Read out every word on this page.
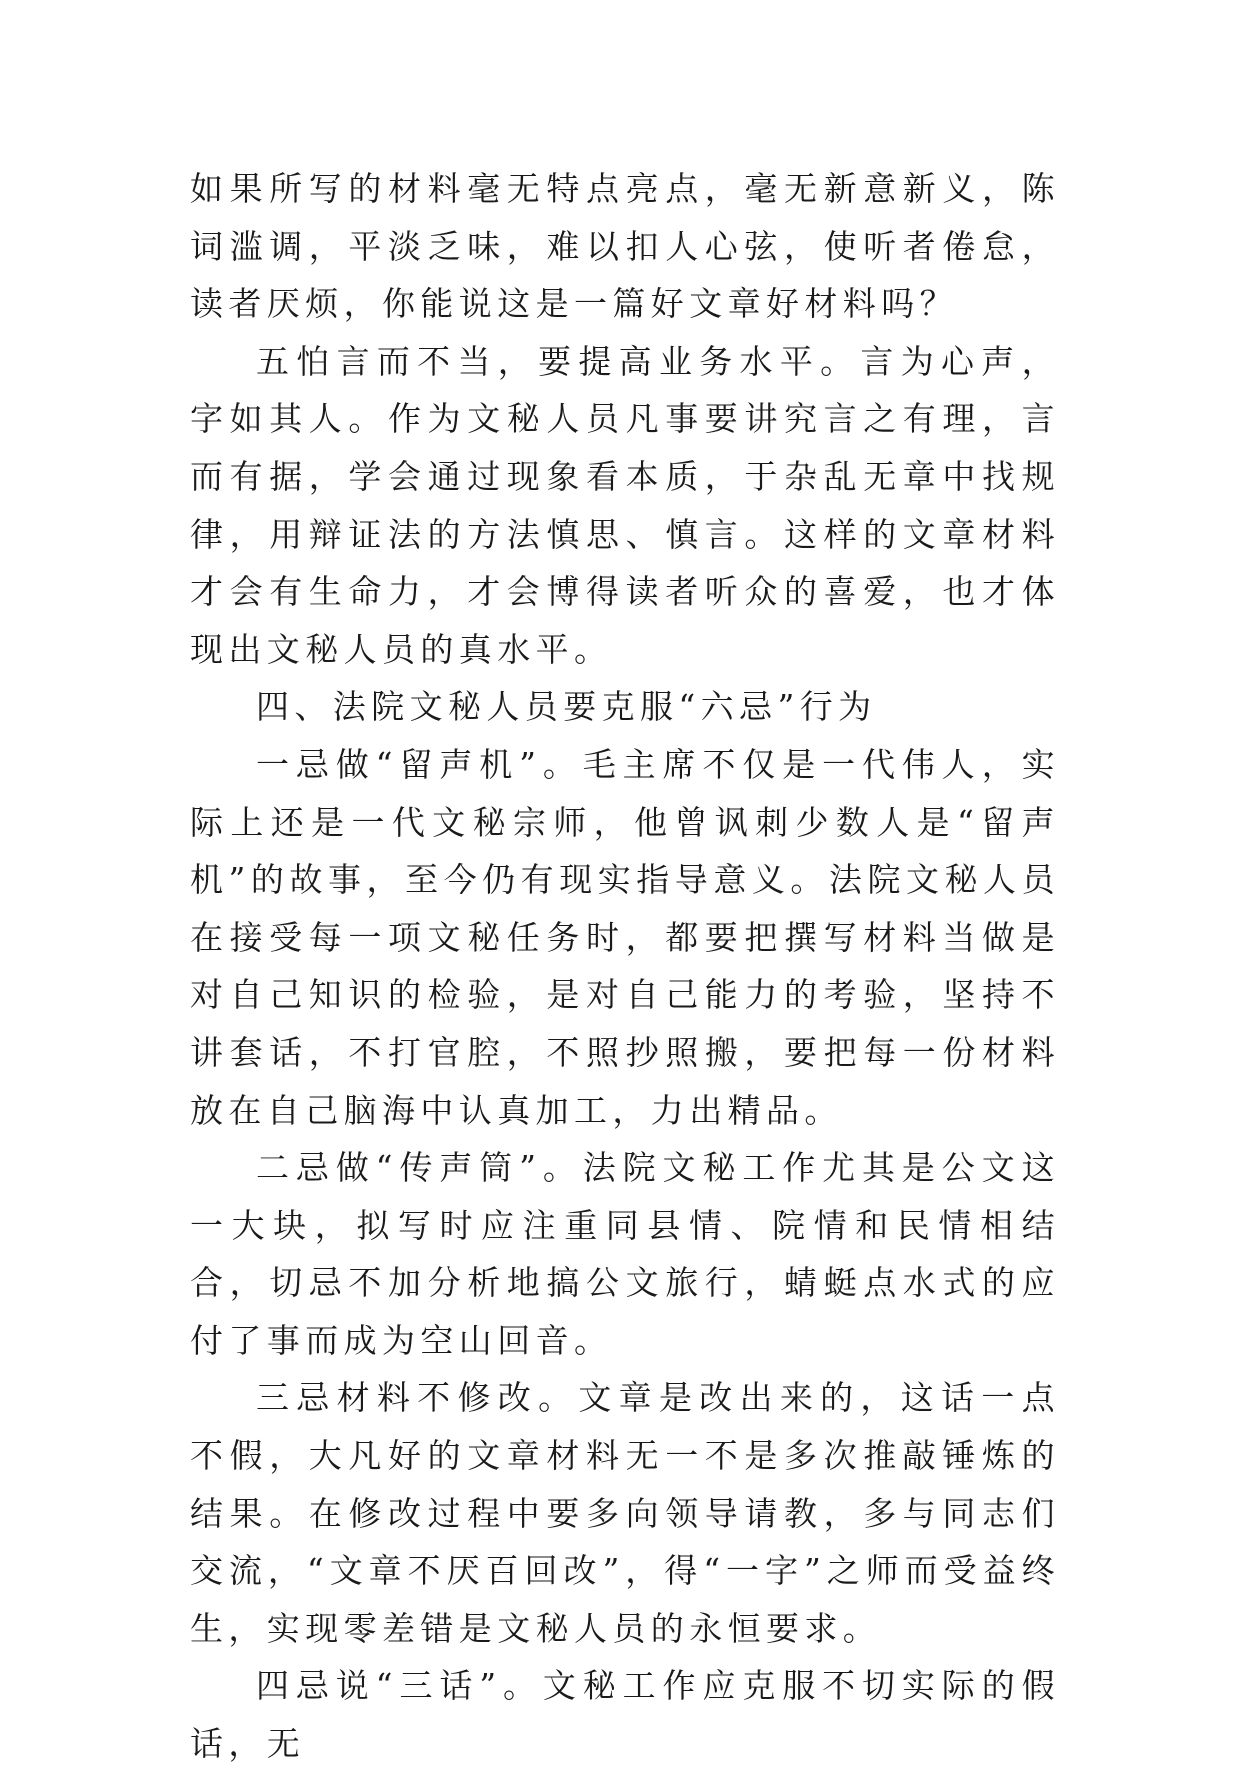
如果所写的材料毫无特点亮点，毫无新意新义，陈词滥调，平淡乏味，难以扣人心弦，使听者倦怠，读者厌烦，你能说这是一篇好文章好材料吗？

五怕言而不当，要提高业务水平。言为心声，字如其人。作为文秘人员凡事要讲究言之有理，言而有据，学会通过现象看本质，于杂乱无章中找规律，用辩证法的方法慎思、慎言。这样的文章材料才会有生命力，才会博得读者听众的喜爱，也才体现出文秘人员的真水平。

四、法院文秘人员要克服“六忌”行为

一忌做“留声机”。毛主席不仅是一代伟人，实际上还是一代文秘宗师，他曾讽刺少数人是“留声机”的故事，至今仍有现实指导意义。法院文秘人员在接受每一项文秘任务时，都要把撰写材料当做是对自己知识的检验，是对自己能力的考验，坚持不讲套话，不打官腔，不照抄照搬，要把每一份材料放在自己脑海中认真加工，力出精品。

二忌做“传声筒”。法院文秘工作尤其是公文这一大块，拟写时应注重同县情、院情和民情相结合，切忌不加分析地搞公文旅行，蜻蜓点水式的应付了事而成为空山回音。

三忌材料不修改。文章是改出来的，这话一点不假，大凡好的文章材料无一不是多次推敲锤炼的结果。在修改过程中要多向领导请教，多与同志们交流，“文章不厌百回改”，得“一字”之师而受益终生，实现零差错是文秘人员的永恒要求。

四忌说“三话”。文秘工作应克服不切实际的假话，无
